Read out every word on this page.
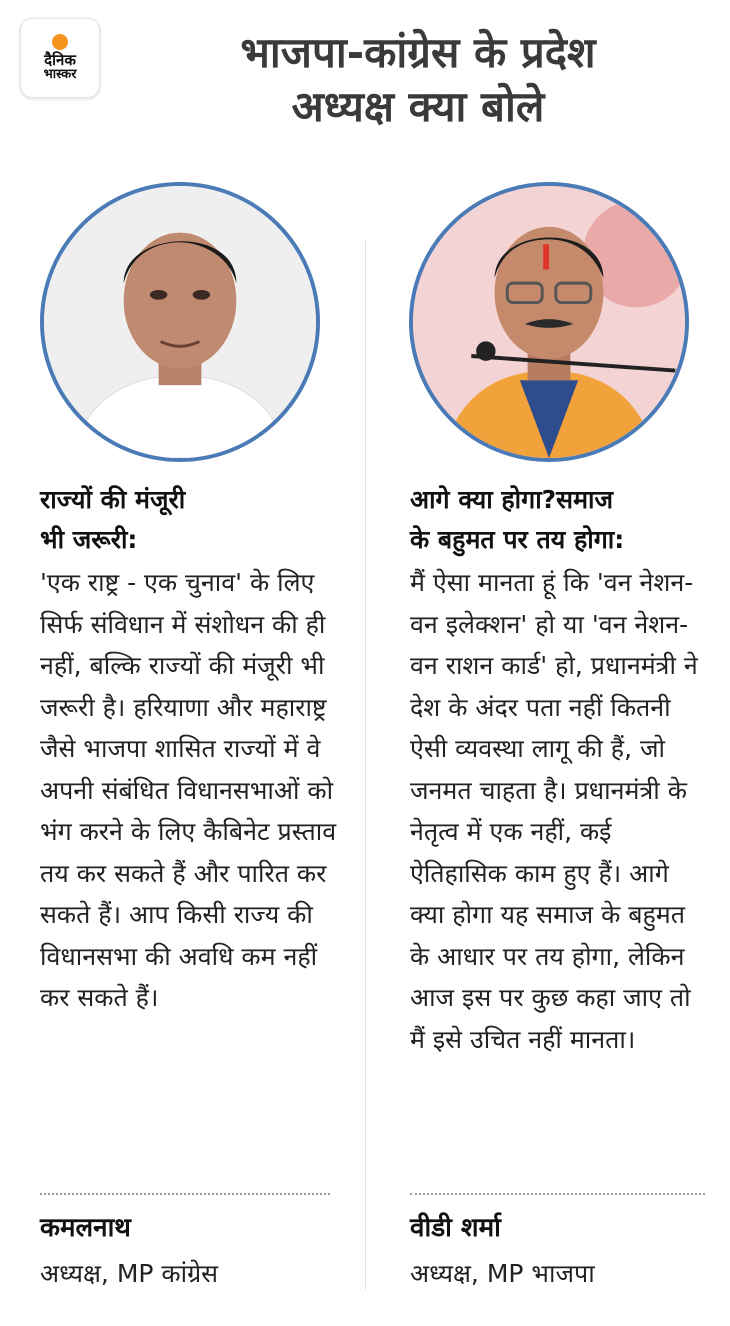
दैनिक
भास्कर	भाजपा-कांग्रेस के प्रदेश
अध्यक्ष क्या बोले
राज्यों की मंजूरी
भी जरूरी:
'एक राष्ट्र - एक चुनाव' के लिए सिर्फ संविधान में संशोधन की ही नहीं, बल्कि राज्यों की मंजूरी भी जरूरी है। हरियाणा और महाराष्ट्र जैसे भाजपा शासित राज्यों में वे अपनी संबंधित विधानसभाओं को भंग करने के लिए कैबिनेट प्रस्ताव तय कर सकते हैं और पारित कर सकते हैं। आप किसी राज्य की विधानसभा की अवधि कम नहीं कर सकते हैं।
आगे क्या होगा?समाज
के बहुमत पर तय होगा:
मैं ऐसा मानता हूं कि 'वन नेशन-वन इलेक्शन' हो या 'वन नेशन-वन राशन कार्ड' हो, प्रधानमंत्री ने देश के अंदर पता नहीं कितनी ऐसी व्यवस्था लागू की हैं, जो जनमत चाहता है। प्रधानमंत्री के नेतृत्व में एक नहीं, कई ऐतिहासिक काम हुए हैं। आगे क्या होगा यह समाज के बहुमत के आधार पर तय होगा, लेकिन आज इस पर कुछ कहा जाए तो मैं इसे उचित नहीं मानता।
कमलनाथ
अध्यक्ष, MP कांग्रेस
वीडी शर्मा
अध्यक्ष, MP भाजपा
